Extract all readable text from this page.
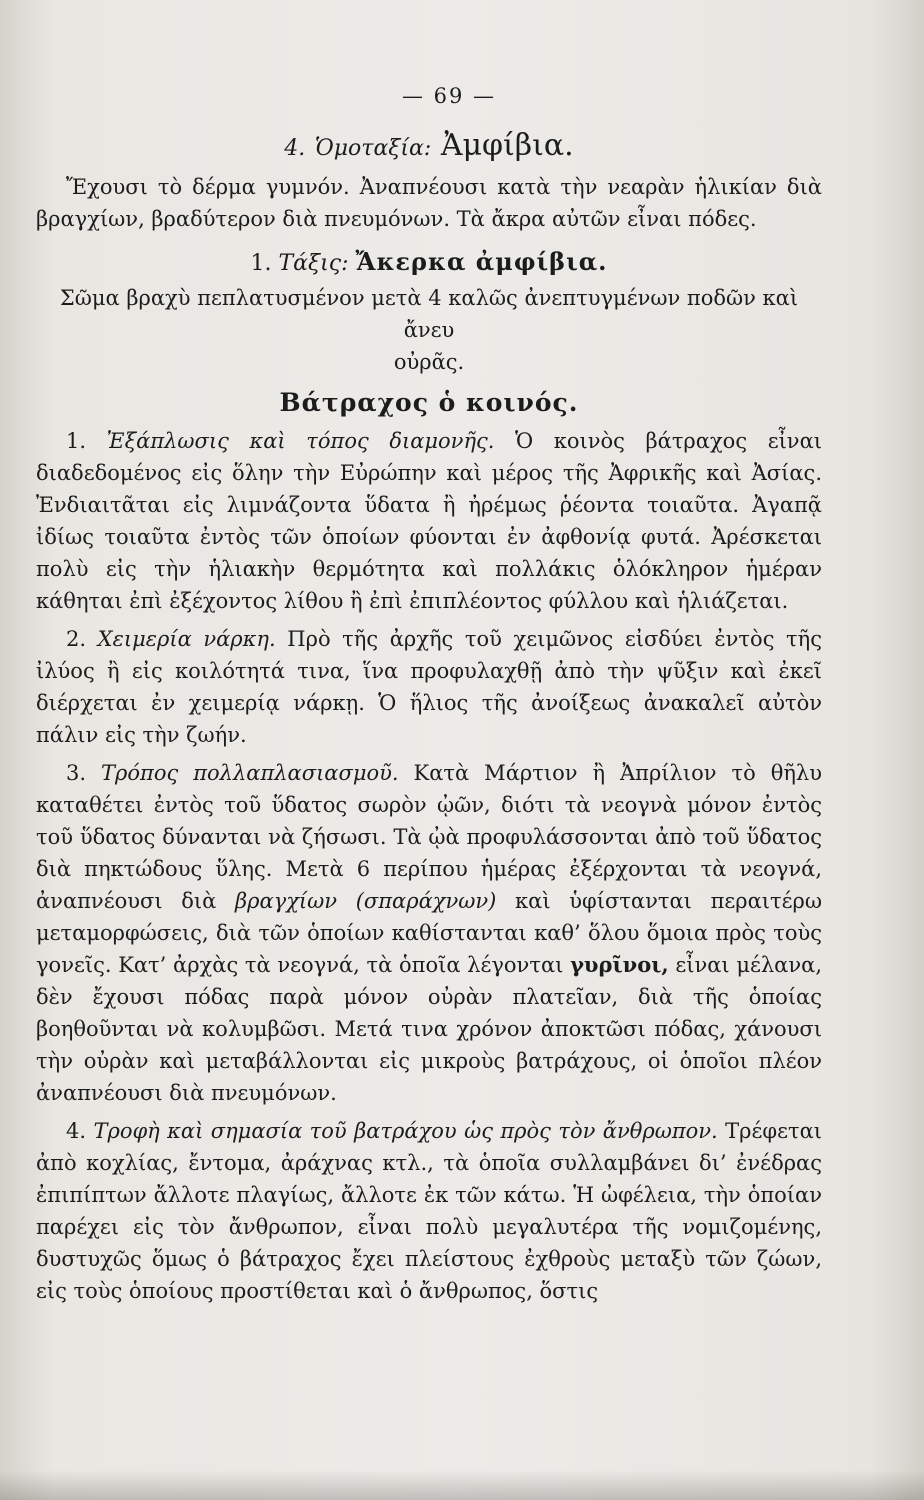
— 69 —
4. Ὁμοταξία: Ἀμφίβια.

Ἔχουσι τὸ δέρμα γυμνόν. Ἀναπνέουσι κατὰ τὴν νεαρὰν ἡλικίαν διὰ βραγχίων, βραδύτερον διὰ πνευμόνων. Τὰ ἄκρα αὐτῶν εἶναι πόδες.

1. Τάξις: Ἄκερκα ἀμφίβια.

Σῶμα βραχὺ πεπλατυσμένον μετὰ 4 καλῶς ἀνεπτυγμένων ποδῶν καὶ ἄνευ

οὐρᾶς.

Βάτραχος ὁ κοινός.

1. Ἐξάπλωσις καὶ τόπος διαμονῆς. Ὁ κοινὸς βάτραχος εἶναι διαδεδομένος εἰς ὅλην τὴν Εὐρώπην καὶ μέρος τῆς Ἀφρικῆς καὶ Ἀσίας. Ἐνδιαιτᾶται εἰς λιμνάζοντα ὕδατα ἢ ἠρέμως ῥέοντα τοιαῦτα. Ἀγαπᾷ ἰδίως τοιαῦτα ἐντὸς τῶν ὁποίων φύονται ἐν ἀφθονίᾳ φυτά. Ἀρέσκεται πολὺ εἰς τὴν ἡλιακὴν θερμότητα καὶ πολλάκις ὁλόκληρον ἡμέραν κάθηται ἐπὶ ἐξέχοντος λίθου ἢ ἐπὶ ἐπιπλέοντος φύλλου καὶ ἡλιάζεται.

2. Χειμερία νάρκη. Πρὸ τῆς ἀρχῆς τοῦ χειμῶνος εἰσδύει ἐντὸς τῆς ἰλύος ἢ εἰς κοιλότητά τινα, ἵνα προφυλαχθῇ ἀπὸ τὴν ψῦξιν καὶ ἐκεῖ διέρχεται ἐν χειμερίᾳ νάρκῃ. Ὁ ἥλιος τῆς ἀνοίξεως ἀνακαλεῖ αὐτὸν πάλιν εἰς τὴν ζωήν.

3. Τρόπος πολλαπλασιασμοῦ. Κατὰ Μάρτιον ἢ Ἀπρίλιον τὸ θῆλυ καταθέτει ἐντὸς τοῦ ὕδατος σωρὸν ᾠῶν, διότι τὰ νεογνὰ μόνον ἐντὸς τοῦ ὕδατος δύνανται νὰ ζήσωσι. Τὰ ᾠὰ προφυλάσσονται ἀπὸ τοῦ ὕδατος διὰ πηκτώδους ὕλης. Μετὰ 6 περίπου ἡμέρας ἐξέρχονται τὰ νεογνά, ἀναπνέουσι διὰ βραγχίων (σπαράχνων) καὶ ὑφίστανται περαιτέρω μεταμορφώσεις, διὰ τῶν ὁποίων καθίστανται καθ’ ὅλου ὅμοια πρὸς τοὺς γονεῖς. Κατ’ ἀρχὰς τὰ νεογνά, τὰ ὁποῖα λέγονται γυρῖνοι, εἶναι μέλανα, δὲν ἔχουσι πόδας παρὰ μόνον οὐρὰν πλατεῖαν, διὰ τῆς ὁποίας βοηθοῦνται νὰ κολυμβῶσι. Μετά τινα χρόνον ἀποκτῶσι πόδας, χάνουσι τὴν οὐρὰν καὶ μεταβάλλονται εἰς μικροὺς βατράχους, οἱ ὁποῖοι πλέον ἀναπνέουσι διὰ πνευμόνων.

4. Τροφὴ καὶ σημασία τοῦ βατράχου ὡς πρὸς τὸν ἄνθρωπον. Τρέφεται ἀπὸ κοχλίας, ἔντομα, ἀράχνας κτλ., τὰ ὁποῖα συλλαμβάνει δι’ ἐνέδρας ἐπιπίπτων ἄλλοτε πλαγίως, ἄλλοτε ἐκ τῶν κάτω. Ἡ ὠφέλεια, τὴν ὁποίαν παρέχει εἰς τὸν ἄνθρωπον, εἶναι πολὺ μεγαλυτέρα τῆς νομιζομένης, δυστυχῶς ὅμως ὁ βάτραχος ἔχει πλείστους ἐχθροὺς μεταξὺ τῶν ζώων, εἰς τοὺς ὁποίους προστίθεται καὶ ὁ ἄνθρωπος, ὅστις
